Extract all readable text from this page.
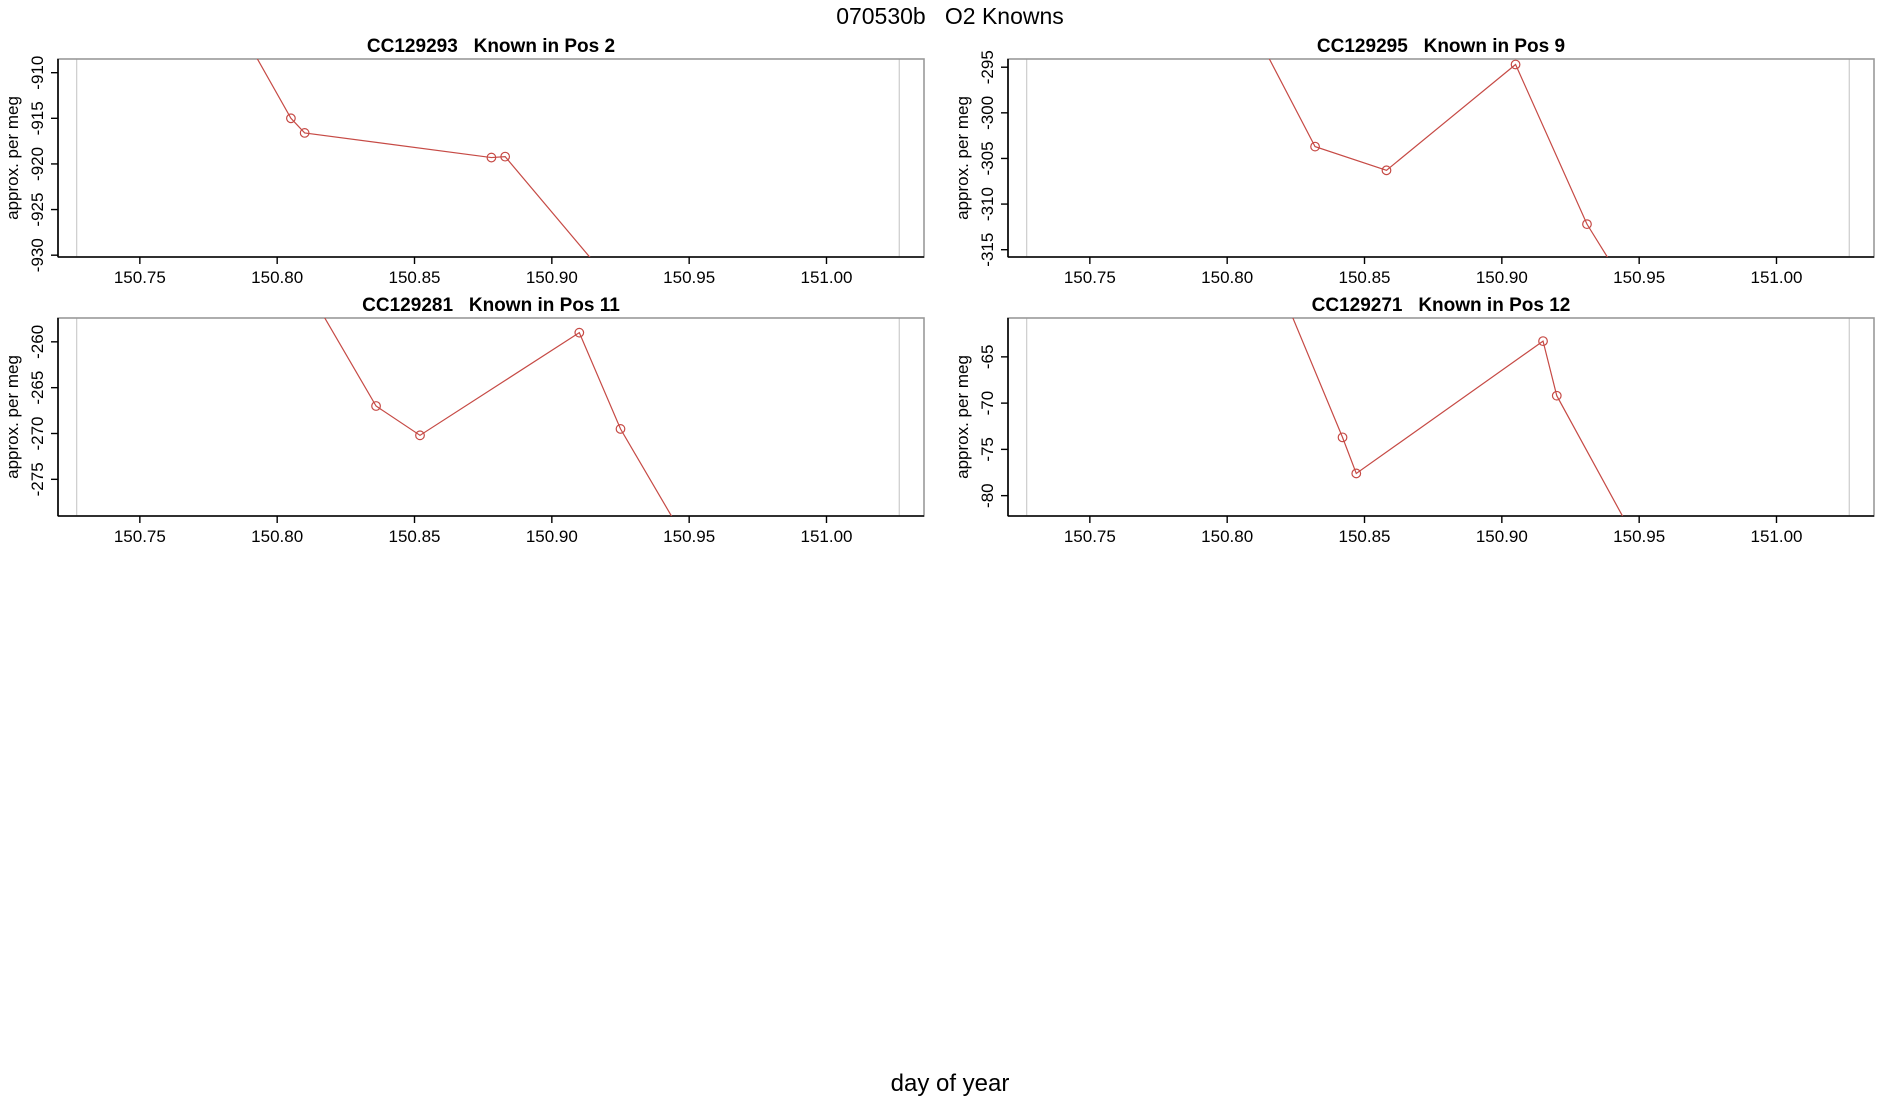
070530b   O2 Knowns
150.75	150.80	150.85	150.90	150.95	151.00
-910
-915
-920
-925
-930
approx. per meg
CC129293   Known in Pos 2
150.75	150.80	150.85	150.90	150.95	151.00
-295
-300
-305
-310
-315
approx. per meg
CC129295   Known in Pos 9
150.75	150.80	150.85	150.90	150.95	151.00
-260
-265
-270
-275
approx. per meg
CC129281   Known in Pos 11
150.75	150.80	150.85	150.90	150.95	151.00
-65
-70
-75
-80
approx. per meg
CC129271   Known in Pos 12
day of year
